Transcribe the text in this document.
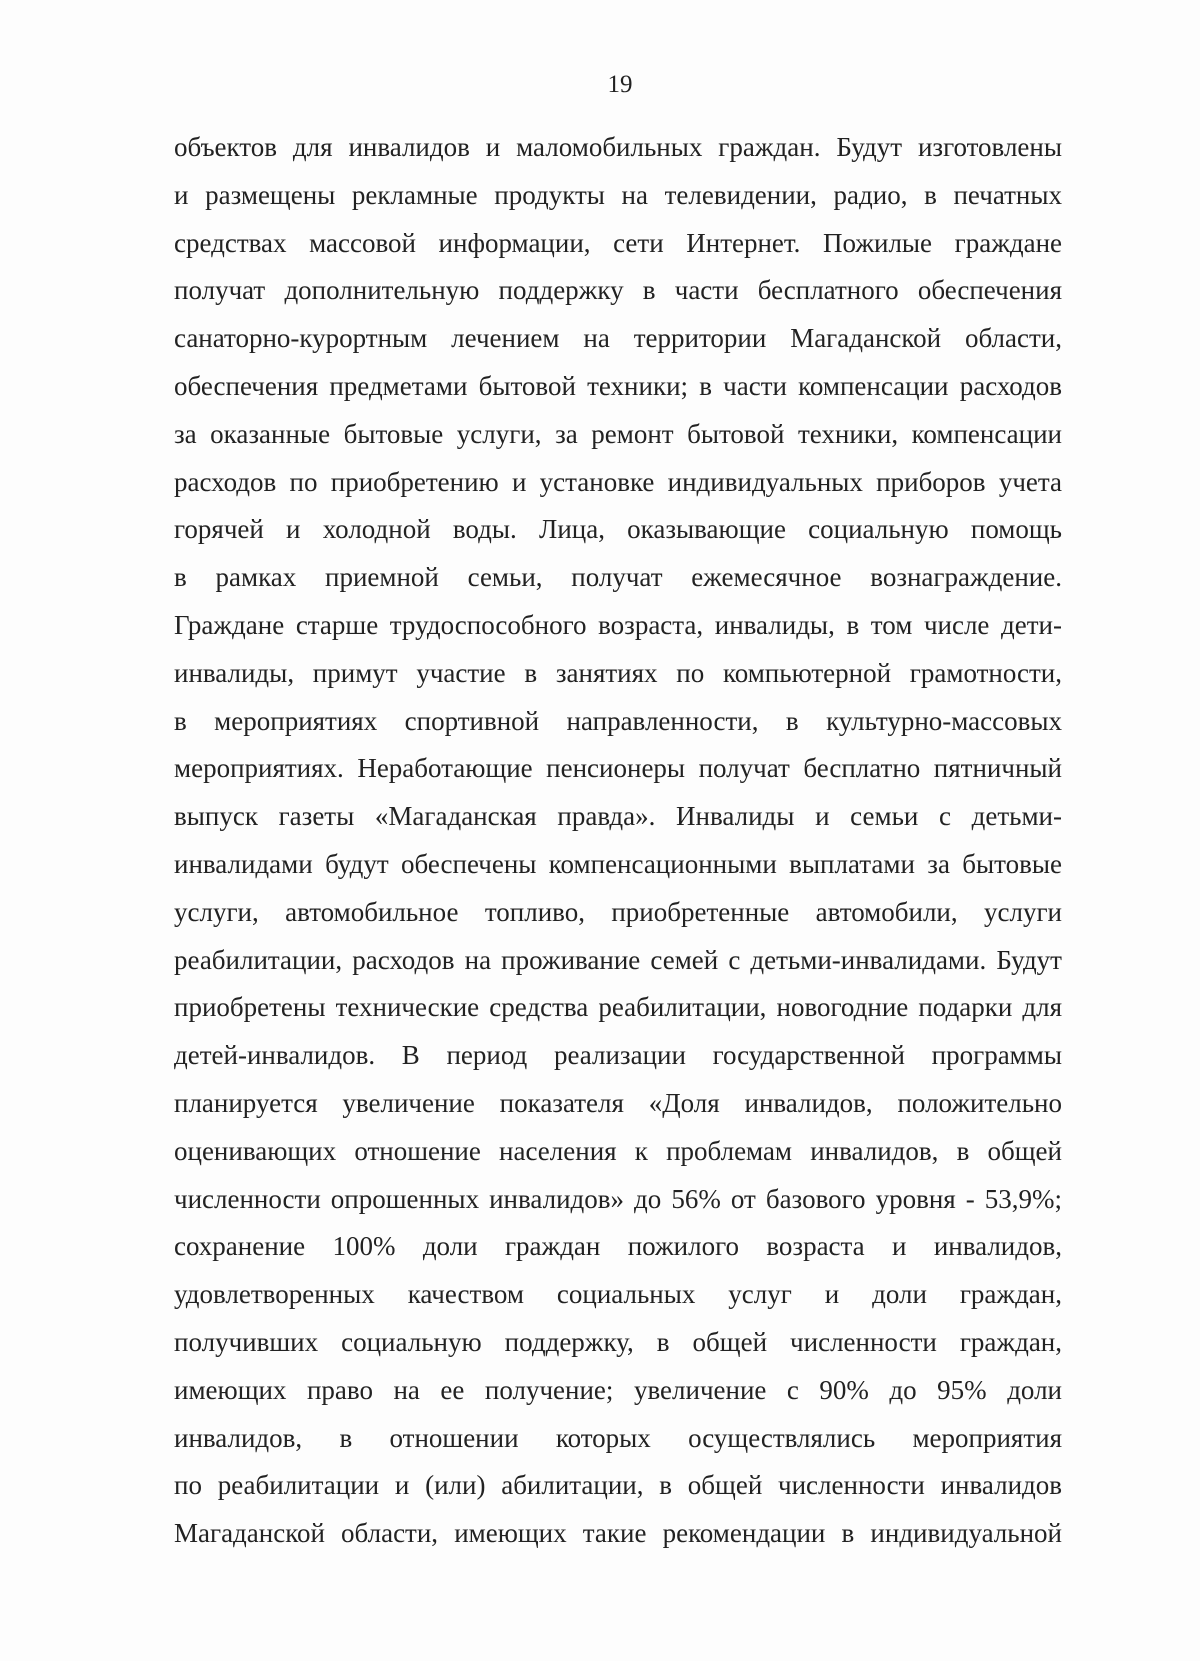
19
объектов для инвалидов и маломобильных граждан. Будут изготовлены
и размещены рекламные продукты на телевидении, радио, в печатных
средствах массовой информации, сети Интернет. Пожилые граждане
получат дополнительную поддержку в части бесплатного обеспечения
санаторно-курортным лечением на территории Магаданской области,
обеспечения предметами бытовой техники; в части компенсации расходов
за оказанные бытовые услуги, за ремонт бытовой техники, компенсации
расходов по приобретению и установке индивидуальных приборов учета
горячей и холодной воды. Лица, оказывающие социальную помощь
в рамках приемной семьи, получат ежемесячное вознаграждение.
Граждане старше трудоспособного возраста, инвалиды, в том числе дети-
инвалиды, примут участие в занятиях по компьютерной грамотности,
в мероприятиях спортивной направленности, в культурно-массовых
мероприятиях. Неработающие пенсионеры получат бесплатно пятничный
выпуск газеты «Магаданская правда». Инвалиды и семьи с детьми-
инвалидами будут обеспечены компенсационными выплатами за бытовые
услуги, автомобильное топливо, приобретенные автомобили, услуги
реабилитации, расходов на проживание семей с детьми-инвалидами. Будут
приобретены технические средства реабилитации, новогодние подарки для
детей-инвалидов. В период реализации государственной программы
планируется увеличение показателя «Доля инвалидов, положительно
оценивающих отношение населения к проблемам инвалидов, в общей
численности опрошенных инвалидов» до 56% от базового уровня - 53,9%;
сохранение 100% доли граждан пожилого возраста и инвалидов,
удовлетворенных качеством социальных услуг и доли граждан,
получивших социальную поддержку, в общей численности граждан,
имеющих право на ее получение; увеличение с 90% до 95% доли
инвалидов, в отношении которых осуществлялись мероприятия
по реабилитации и (или) абилитации, в общей численности инвалидов
Магаданской области, имеющих такие рекомендации в индивидуальной
